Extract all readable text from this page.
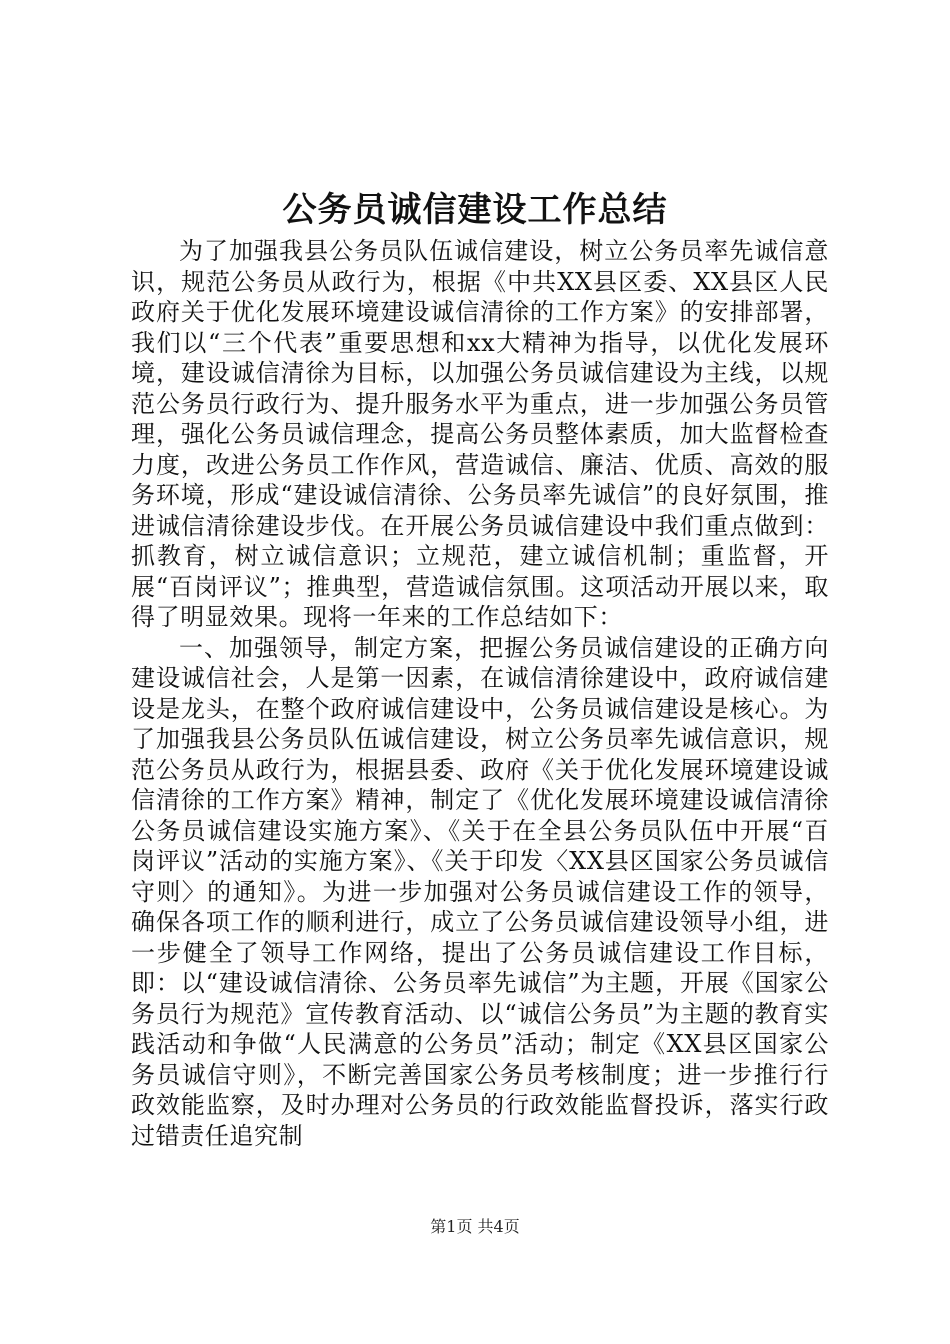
公务员诚信建设工作总结

为了加强我县公务员队伍诚信建设，树立公务员率先诚信意识，规范公务员从政行为，根据《中共XX县区委、XX县区人民政府关于优化发展环境建设诚信清徐的工作方案》的安排部署，我们以“三个代表”重要思想和xx大精神为指导，以优化发展环境，建设诚信清徐为目标，以加强公务员诚信建设为主线，以规范公务员行政行为、提升服务水平为重点，进一步加强公务员管理，强化公务员诚信理念，提高公务员整体素质，加大监督检查力度，改进公务员工作作风，营造诚信、廉洁、优质、高效的服务环境，形成“建设诚信清徐、公务员率先诚信”的良好氛围，推进诚信清徐建设步伐。在开展公务员诚信建设中我们重点做到：抓教育，树立诚信意识；立规范，建立诚信机制；重监督，开展“百岗评议”；推典型，营造诚信氛围。这项活动开展以来，取得了明显效果。现将一年来的工作总结如下：

一、加强领导，制定方案，把握公务员诚信建设的正确方向建设诚信社会，人是第一因素，在诚信清徐建设中，政府诚信建设是龙头，在整个政府诚信建设中，公务员诚信建设是核心。为了加强我县公务员队伍诚信建设，树立公务员率先诚信意识，规范公务员从政行为，根据县委、政府《关于优化发展环境建设诚信清徐的工作方案》精神，制定了《优化发展环境建设诚信清徐公务员诚信建设实施方案》、《关于在全县公务员队伍中开展“百岗评议”活动的实施方案》、《关于印发〈XX县区国家公务员诚信守则〉的通知》。为进一步加强对公务员诚信建设工作的领导，确保各项工作的顺利进行，成立了公务员诚信建设领导小组，进一步健全了领导工作网络，提出了公务员诚信建设工作目标，即：以“建设诚信清徐、公务员率先诚信”为主题，开展《国家公务员行为规范》宣传教育活动、以“诚信公务员”为主题的教育实践活动和争做“人民满意的公务员”活动；制定《XX县区国家公务员诚信守则》，不断完善国家公务员考核制度；进一步推行行政效能监察，及时办理对公务员的行政效能监督投诉，落实行政过错责任追究制

第1页 共4页
